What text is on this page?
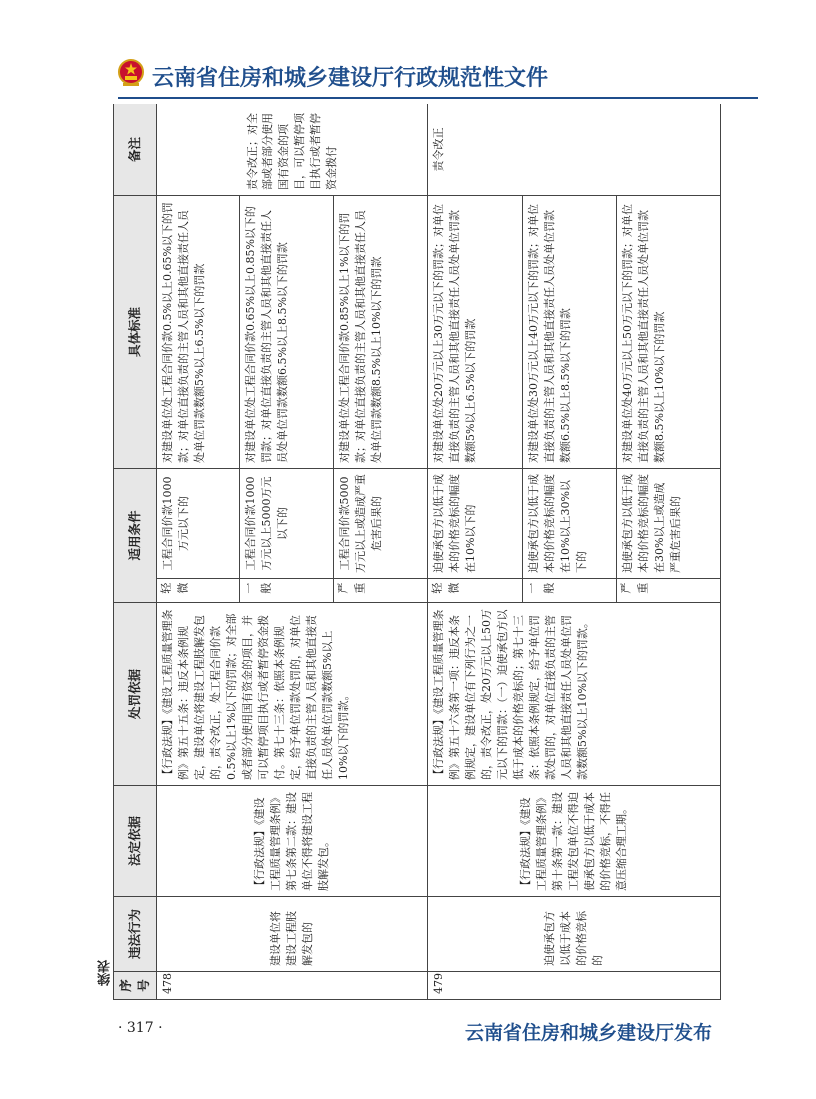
云南省住房和城乡建设厅行政规范性文件
续表 序号	违法行为	法定依据	处罚依据	适用条件		具体标准	备注
478	建设单位将建设工程肢解发包的	【行政法规】《建设工程质量管理条例》第七条第二款：建设单位不得将建设工程肢解发包。	【行政法规】《建设工程质量管理条例》第五十五条：违反本条例规定，建设单位将建设工程肢解发包的，责令改正，处工程合同价款0.5%以上1%以下的罚款；对全部或者部分使用国有资金的项目，并可以暂停项目执行或者暂停资金拨付。第七十三条：依照本条例规定，给予单位罚款处罚的，对单位直接负责的主管人员和其他直接责任人员处单位罚款数额5%以上10%以下的罚款。	轻微	工程合同价款1000万元以下的	对建设单位处工程合同价款0.5%以上0.65%以下的罚款；对单位直接负责的主管人员和其他直接责任人员处单位罚款数额5%以上6.5%以下的罚款	责令改正；对全部或者部分使用国有资金的项目，可以暂停项目执行或者暂停资金拨付
				一般	工程合同价款1000万元以上5000万元以下的	对建设单位处工程合同价款0.65%以上0.85%以下的罚款；对单位直接负责的主管人员和其他直接责任人员处单位罚款数额6.5%以上8.5%以下的罚款	
				严重	工程合同价款5000万元以上或造成严重危害后果的	对建设单位处工程合同价款0.85%以上1%以下的罚款；对单位直接负责的主管人员和其他直接责任人员处单位罚款数额8.5%以上10%以下的罚款	
479	迫使承包方以低于成本的价格竞标的	【行政法规】《建设工程质量管理条例》第十条第一款：建设工程发包单位不得迫使承包方以低于成本的价格竞标，不得任意压缩合理工期。	【行政法规】《建设工程质量管理条例》第五十六条第一项：违反本条例规定，建设单位有下列行为之一的，责令改正，处20万元以上50万元以下的罚款：（一）迫使承包方以低于成本的价格竞标的；第七十三条：依照本条例规定，给予单位罚款处罚的，对单位直接负责的主管人员和其他直接责任人员处单位罚款数额5%以上10%以下的罚款。	轻微	迫使承包方以低于成本的价格竞标的幅度在10%以下的	对建设单位处20万元以上30万元以下的罚款；对单位直接负责的主管人员和其他直接责任人员处单位罚款数额5%以上6.5%以下的罚款	责令改正
				一般	迫使承包方以低于成本的价格竞标的幅度在10%以上30%以下的	对建设单位处30万元以上40万元以下的罚款；对单位直接负责的主管人员和其他直接责任人员处单位罚款数额6.5%以上8.5%以下的罚款	
				严重	迫使承包方以低于成本的价格竞标的幅度在30%以上或造成严重危害后果的	对建设单位处40万元以上50万元以下的罚款；对单位直接负责的主管人员和其他直接责任人员处单位罚款数额8.5%以上10%以下的罚款	
· 317 ·	云南省住房和城乡建设厅发布
